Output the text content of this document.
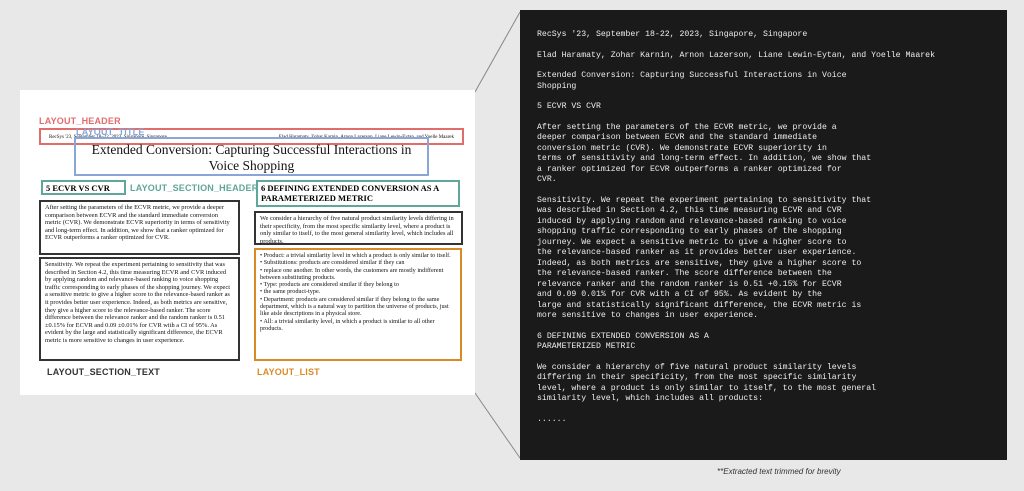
LAYOUT_HEADER
RecSys '23, September 18–22, 2023, Singapore, Singapore	Elad Haramaty, Zohar Karnin, Arnon Lazerson, Liane Lewin-Eytan, and Yoelle Maarek
LAYOUT_TITLE
Extended Conversion: Capturing Successful Interactions in Voice Shopping
5 ECVR VS CVR	LAYOUT_SECTION_HEADER 6 DEFINING EXTENDED CONVERSION AS A PARAMETERIZED METRIC

After setting the parameters of the ECVR metric, we provide a deeper comparison between ECVR and the standard immediate conversion metric (CVR). We demonstrate ECVR superiority in terms of sensitivity and long-term effect. In addition, we show that a ranker optimized for ECVR outperforms a ranker optimized for CVR.

Sensitivity. We repeat the experiment pertaining to sensitivity that was described in Section 4.2, this time measuring ECVR and CVR induced by applying random and relevance-based ranking to voice shopping traffic corresponding to early phases of the shopping journey. We expect a sensitive metric to give a higher score to the relevance-based ranker as it provides better user experience. Indeed, as both metrics are sensitive, they give a higher score to the relevance-based ranker. The score difference between the relevance ranker and the random ranker is 0.51 ±0.15% for ECVR and 0.09 ±0.01% for CVR with a CI of 95%. As evident by the large and statistically significant difference, the ECVR metric is more sensitive to changes in user experience.

We consider a hierarchy of five natural product similarity levels differing in their specificity, from the most specific similarity level, where a product is only similar to itself, to the most general similarity level, which includes all products.

• Product: a trivial similarity level in which a product is only similar to itself.
• Substitutions: products are considered similar if they can
• replace one another. In other words, the customers are mostly indifferent between substituting products.
• Type: products are considered similar if they belong to
• the same product-type.
• Department: products are considered similar if they belong to the same department, which is a natural way to partition the universe of products, just like aisle descriptions in a physical store.
• All: a trivial similarity level, in which a product is similar to all other products.
LAYOUT_SECTION_TEXT	LAYOUT_LIST

RecSys '23, September 18-22, 2023, Singapore, Singapore

Elad Haramaty, Zohar Karnin, Arnon Lazerson, Liane Lewin-Eytan, and Yoelle Maarek

Extended Conversion: Capturing Successful Interactions in Voice
Shopping

5 ECVR VS CVR

After setting the parameters of the ECVR metric, we provide a
deeper comparison between ECVR and the standard immediate
conversion metric (CVR). We demonstrate ECVR superiority in
terms of sensitivity and long-term effect. In addition, we show that
a ranker optimized for ECVR outperforms a ranker optimized for
CVR.

Sensitivity. We repeat the experiment pertaining to sensitivity that
was described in Section 4.2, this time measuring ECVR and CVR
induced by applying random and relevance-based ranking to voice
shopping traffic corresponding to early phases of the shopping
journey. We expect a sensitive metric to give a higher score to
the relevance-based ranker as it provides better user experience.
Indeed, as both metrics are sensitive, they give a higher score to
the relevance-based ranker. The score difference between the
relevance ranker and the random ranker is 0.51 +0.15% for ECVR
and 0.09 0.01% for CVR with a CI of 95%. As evident by the
large and statistically significant difference, the ECVR metric is
more sensitive to changes in user experience.

6 DEFINING EXTENDED CONVERSION AS A
PARAMETERIZED METRIC

We consider a hierarchy of five natural product similarity levels
differing in their specificity, from the most specific similarity
level, where a product is only similar to itself, to the most general
similarity level, which includes all products:

......

**Extracted text trimmed for brevity
